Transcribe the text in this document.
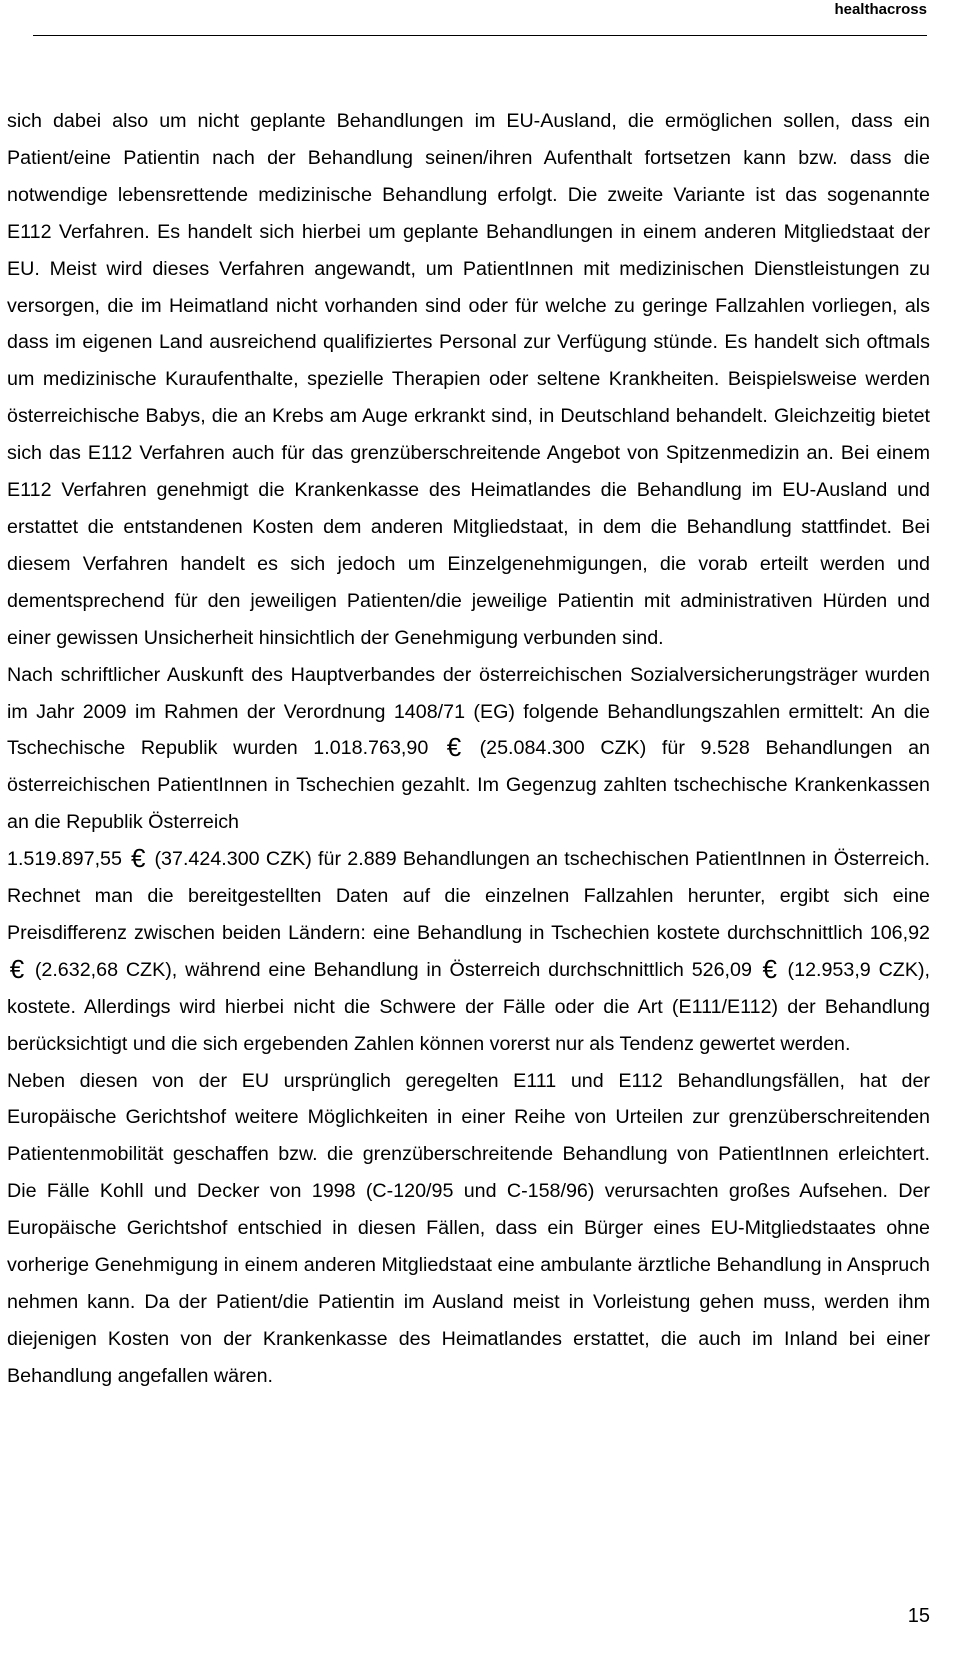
healthacross

sich dabei also um nicht geplante Behandlungen im EU-Ausland, die ermöglichen sollen, dass ein Patient/eine Patientin nach der Behandlung seinen/ihren Aufenthalt fortsetzen kann bzw. dass die notwendige lebensrettende medizinische Behandlung erfolgt. Die zweite Variante ist das sogenannte E112 Verfahren. Es handelt sich hierbei um geplante Behandlungen in einem anderen Mitgliedstaat der EU. Meist wird dieses Verfahren angewandt, um PatientInnen mit medizinischen Dienstleistungen zu versorgen, die im Heimatland nicht vorhanden sind oder für welche zu geringe Fallzahlen vorliegen, als dass im eigenen Land ausreichend qualifiziertes Personal zur Verfügung stünde. Es handelt sich oftmals um medizinische Kuraufenthalte, spezielle Therapien oder seltene Krankheiten. Beispielsweise werden österreichische Babys, die an Krebs am Auge erkrankt sind, in Deutschland behandelt. Gleichzeitig bietet sich das E112 Verfahren auch für das grenzüberschreitende Angebot von Spitzenmedizin an. Bei einem E112 Verfahren genehmigt die Krankenkasse des Heimatlandes die Behandlung im EU-Ausland und erstattet die entstandenen Kosten dem anderen Mitgliedstaat, in dem die Behandlung stattfindet. Bei diesem Verfahren handelt es sich jedoch um Einzelgenehmigungen, die vorab erteilt werden und dementsprechend für den jeweiligen Patienten/die jeweilige Patientin mit administrativen Hürden und einer gewissen Unsicherheit hinsichtlich der Genehmigung verbunden sind.

Nach schriftlicher Auskunft des Hauptverbandes der österreichischen Sozialversicherungsträger wurden im Jahr 2009 im Rahmen der Verordnung 1408/71 (EG) folgende Behandlungszahlen ermittelt: An die Tschechische Republik wurden 1.018.763,90 € (25.084.300 CZK) für 9.528 Behandlungen an österreichischen PatientInnen in Tschechien gezahlt. Im Gegenzug zahlten tschechische Krankenkassen an die Republik Österreich
1.519.897,55 € (37.424.300 CZK) für 2.889 Behandlungen an tschechischen PatientInnen in Österreich. Rechnet man die bereitgestellten Daten auf die einzelnen Fallzahlen herunter, ergibt sich eine Preisdifferenz zwischen beiden Ländern: eine Behandlung in Tschechien kostete durchschnittlich 106,92 € (2.632,68 CZK), während eine Behandlung in Österreich durchschnittlich 526,09 € (12.953,9 CZK), kostete. Allerdings wird hierbei nicht die Schwere der Fälle oder die Art (E111/E112) der Behandlung berücksichtigt und die sich ergebenden Zahlen können vorerst nur als Tendenz gewertet werden.

Neben diesen von der EU ursprünglich geregelten E111 und E112 Behandlungsfällen, hat der Europäische Gerichtshof weitere Möglichkeiten in einer Reihe von Urteilen zur grenzüberschreitenden Patientenmobilität geschaffen bzw. die grenzüberschreitende Behandlung von PatientInnen erleichtert. Die Fälle Kohll und Decker von 1998 (C-120/95 und C-158/96) verursachten großes Aufsehen. Der Europäische Gerichtshof entschied in diesen Fällen, dass ein Bürger eines EU-Mitgliedstaates ohne vorherige Genehmigung in einem anderen Mitgliedstaat eine ambulante ärztliche Behandlung in Anspruch nehmen kann. Da der Patient/die Patientin im Ausland meist in Vorleistung gehen muss, werden ihm diejenigen Kosten von der Krankenkasse des Heimatlandes erstattet, die auch im Inland bei einer Behandlung angefallen wären.

15
